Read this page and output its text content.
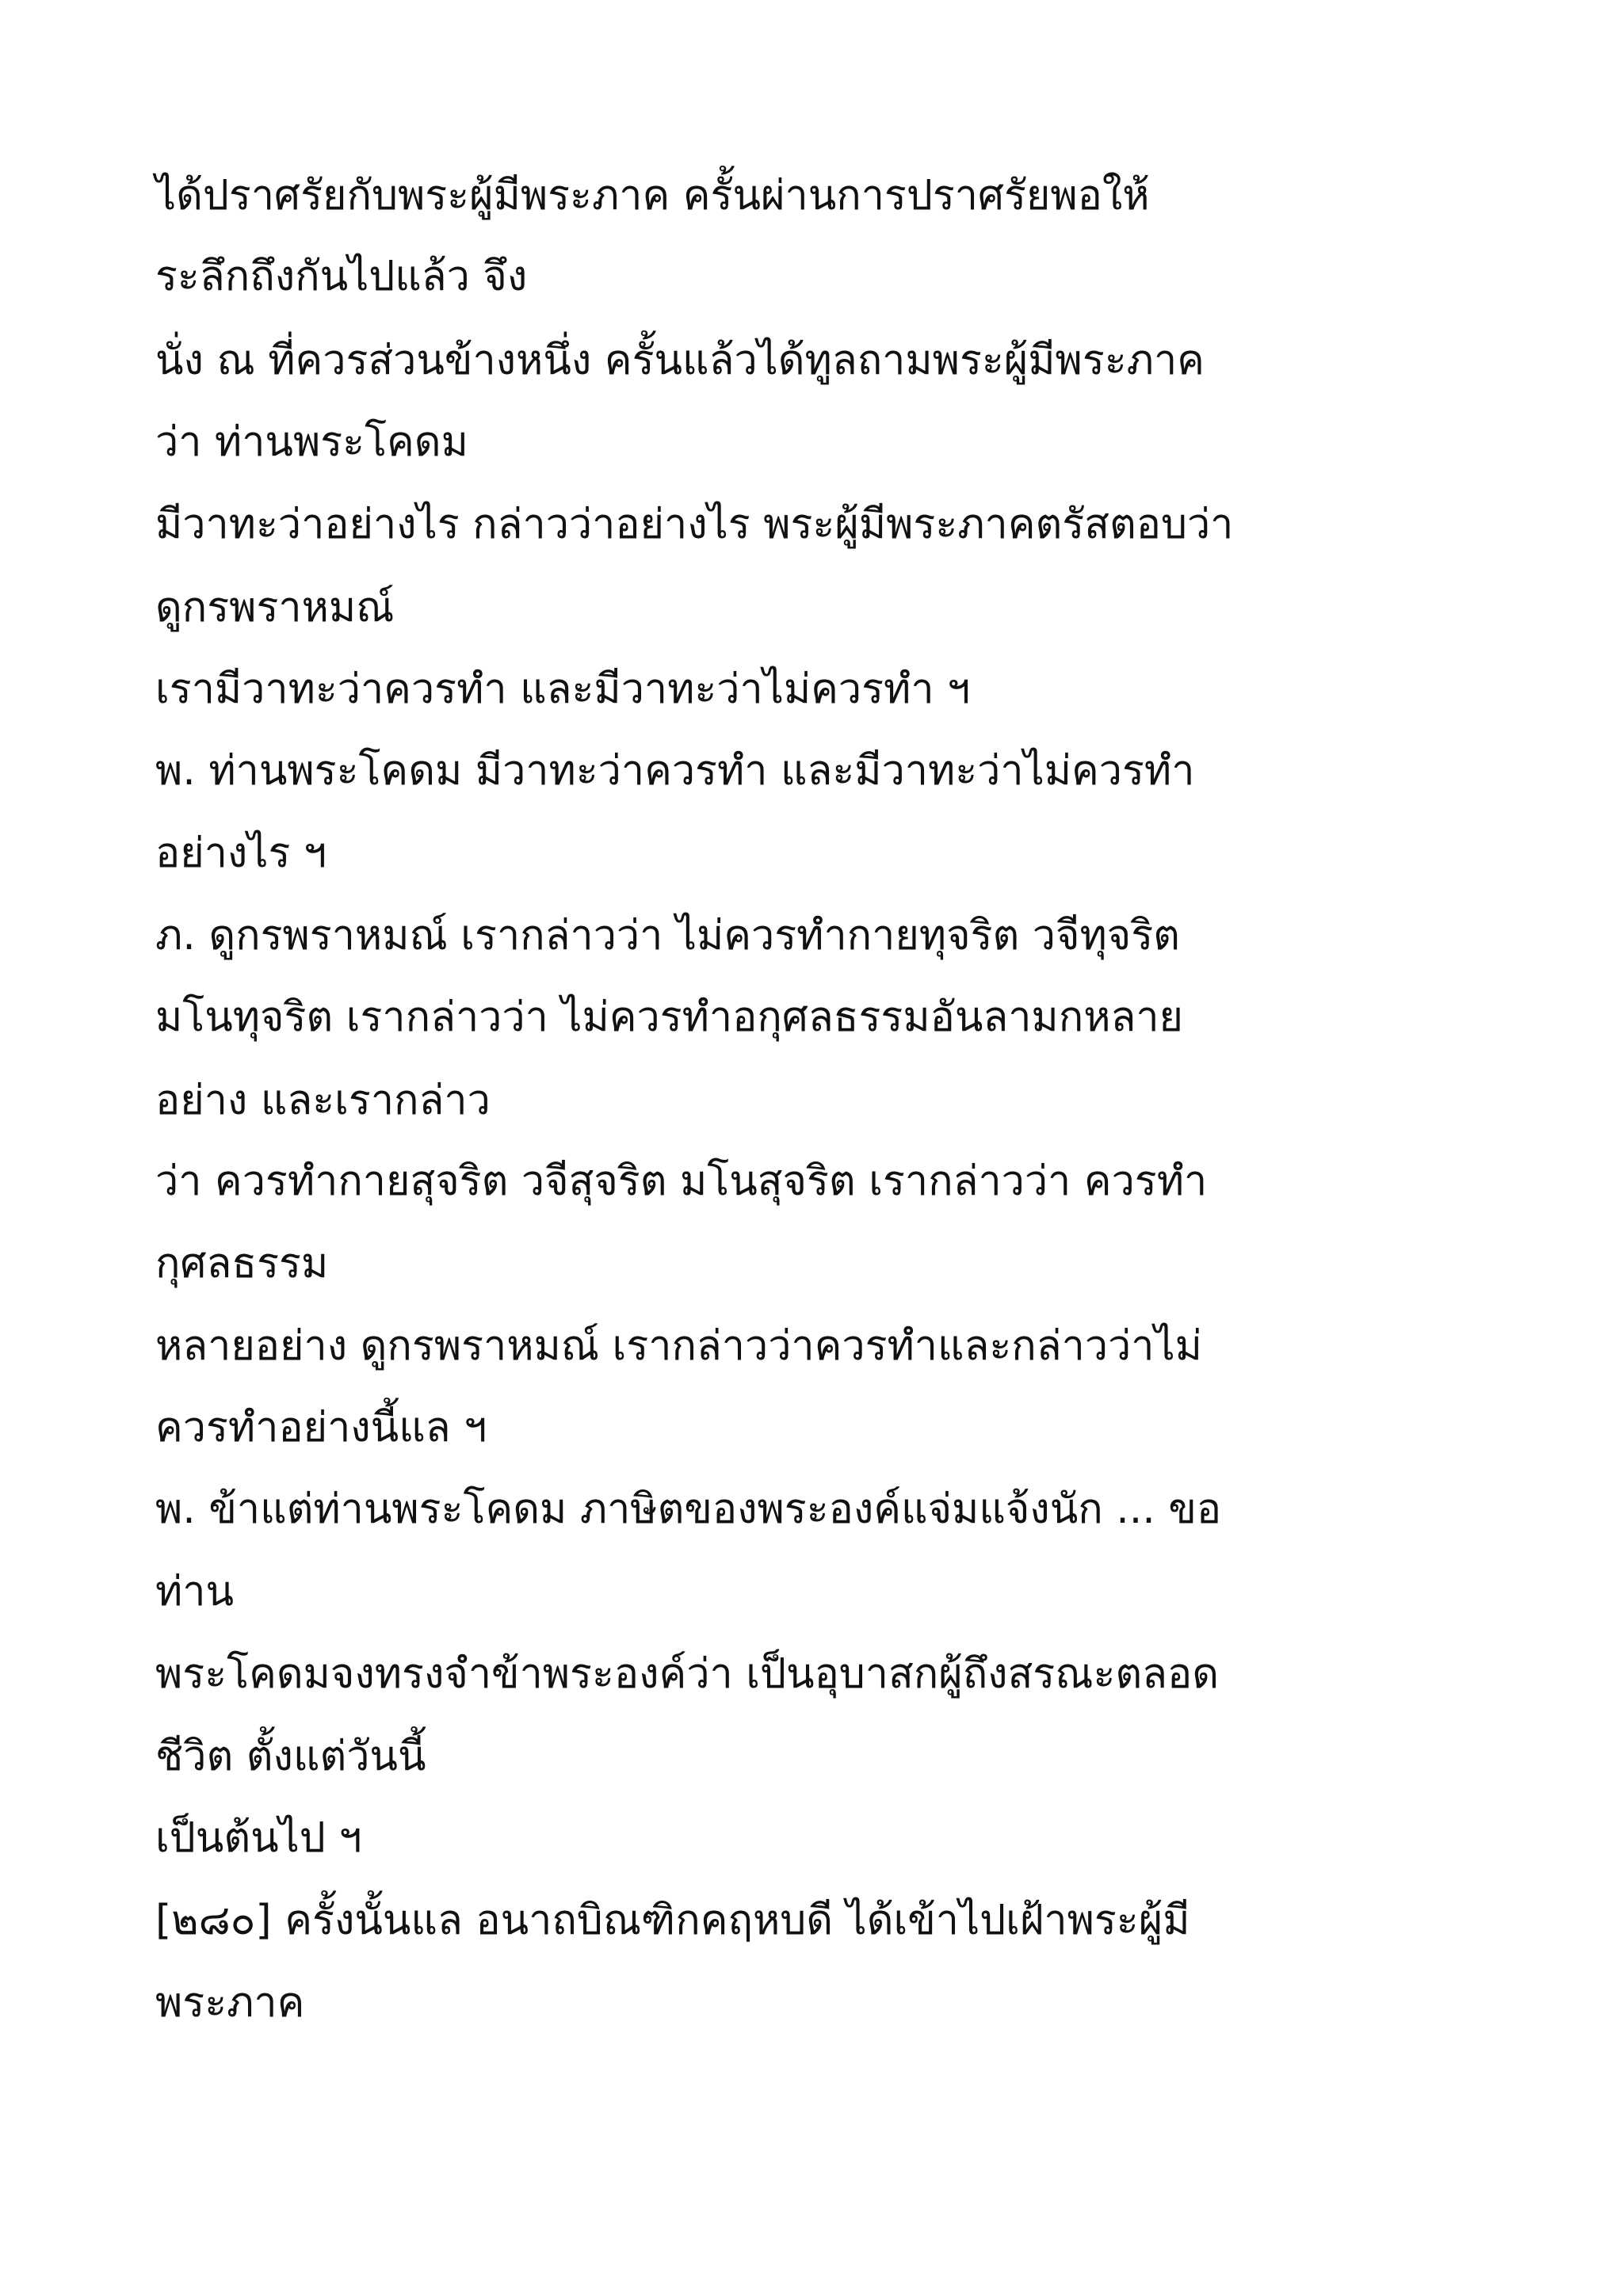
ได้ปราศรัยกับพระผู้มีพระภาค ครั้นผ่านการปราศรัยพอให้
ระลึกถึงกันไปแล้ว จึง
นั่ง ณ ที่ควรส่วนข้างหนึ่ง ครั้นแล้วได้ทูลถามพระผู้มีพระภาค
ว่า ท่านพระโคดม
มีวาทะว่าอย่างไร กล่าวว่าอย่างไร พระผู้มีพระภาคตรัสตอบว่า
ดูกรพราหมณ์
เรามีวาทะว่าควรทำ และมีวาทะว่าไม่ควรทำ ฯ
พ. ท่านพระโคดม มีวาทะว่าควรทำ และมีวาทะว่าไม่ควรทำ
อย่างไร ฯ
ภ. ดูกรพราหมณ์ เรากล่าวว่า ไม่ควรทำกายทุจริต วจีทุจริต
มโนทุจริต เรากล่าวว่า ไม่ควรทำอกุศลธรรมอันลามกหลาย
อย่าง และเรากล่าว
ว่า ควรทำกายสุจริต วจีสุจริต มโนสุจริต เรากล่าวว่า ควรทำ
กุศลธรรม
หลายอย่าง ดูกรพราหมณ์ เรากล่าวว่าควรทำและกล่าวว่าไม่
ควรทำอย่างนี้แล ฯ
พ. ข้าแต่ท่านพระโคดม ภาษิตของพระองค์แจ่มแจ้งนัก ... ขอ
ท่าน
พระโคดมจงทรงจำข้าพระองค์ว่า เป็นอุบาสกผู้ถึงสรณะตลอด
ชีวิต ตั้งแต่วันนี้
เป็นต้นไป ฯ
[๒๘๐] ครั้งนั้นแล อนาถบิณฑิกคฤหบดี ได้เข้าไปเฝ้าพระผู้มี
พระภาค
